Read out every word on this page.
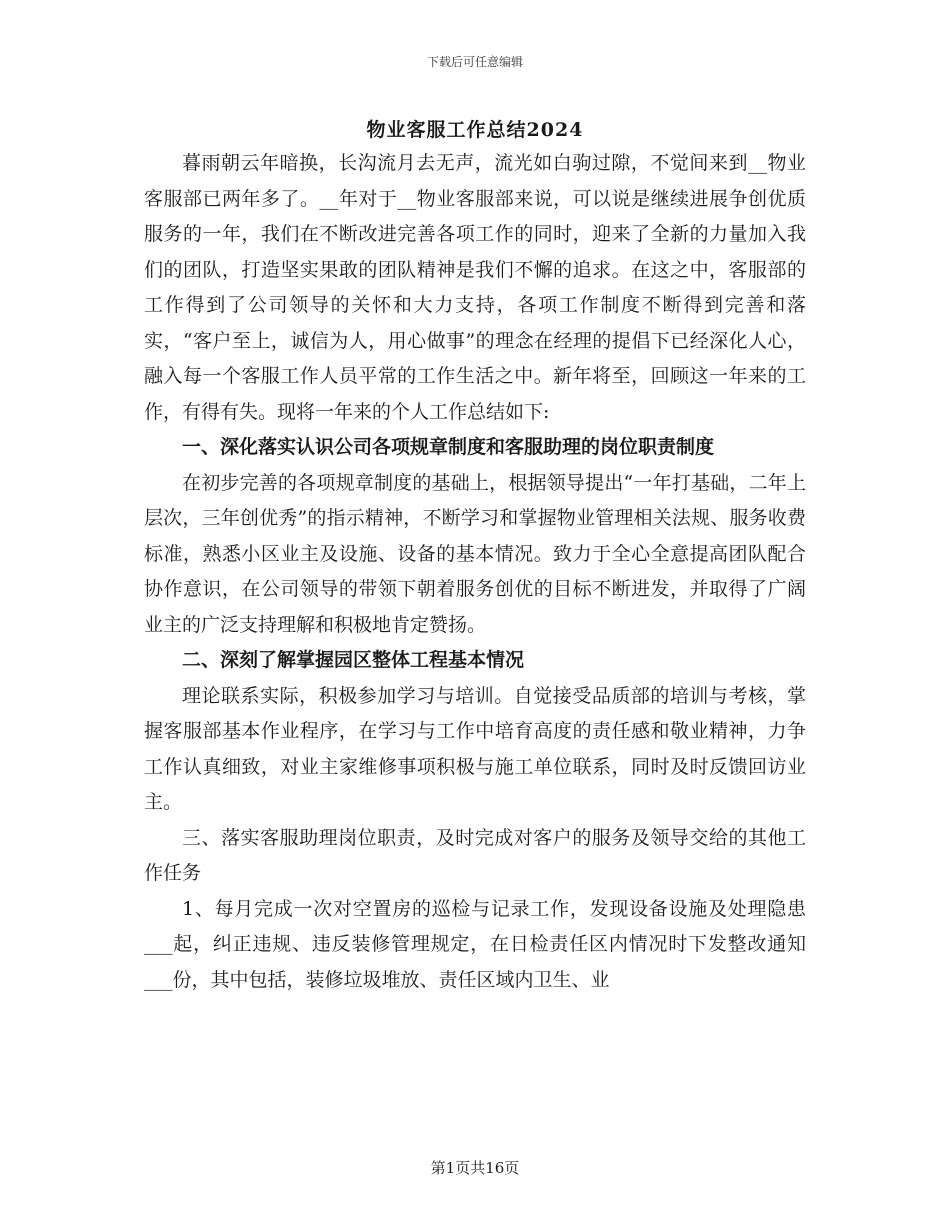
下载后可任意编辑
物业客服工作总结2024

暮雨朝云年暗换，长沟流月去无声，流光如白驹过隙，不觉间来到__物业客服部已两年多了。__年对于__物业客服部来说，可以说是继续进展争创优质服务的一年，我们在不断改进完善各项工作的同时，迎来了全新的力量加入我们的团队，打造坚实果敢的团队精神是我们不懈的追求。在这之中，客服部的工作得到了公司领导的关怀和大力支持，各项工作制度不断得到完善和落实，“客户至上，诚信为人，用心做事”的理念在经理的提倡下已经深化人心，融入每一个客服工作人员平常的工作生活之中。新年将至，回顾这一年来的工作，有得有失。现将一年来的个人工作总结如下:

一、深化落实认识公司各项规章制度和客服助理的岗位职责制度

在初步完善的各项规章制度的基础上，根据领导提出“一年打基础，二年上层次，三年创优秀”的指示精神，不断学习和掌握物业管理相关法规、服务收费标准，熟悉小区业主及设施、设备的基本情况。致力于全心全意提高团队配合协作意识，在公司领导的带领下朝着服务创优的目标不断进发，并取得了广阔业主的广泛支持理解和积极地肯定赞扬。

二、深刻了解掌握园区整体工程基本情况

理论联系实际，积极参加学习与培训。自觉接受品质部的培训与考核，掌握客服部基本作业程序，在学习与工作中培育高度的责任感和敬业精神，力争工作认真细致，对业主家维修事项积极与施工单位联系，同时及时反馈回访业主。

三、落实客服助理岗位职责，及时完成对客户的服务及领导交给的其他工作任务

1、每月完成一次对空置房的巡检与记录工作，发现设备设施及处理隐患___起，纠正违规、违反装修管理规定，在日检责任区内情况时下发整改通知___份，其中包括，装修垃圾堆放、责任区域内卫生、业

第1页共16页
